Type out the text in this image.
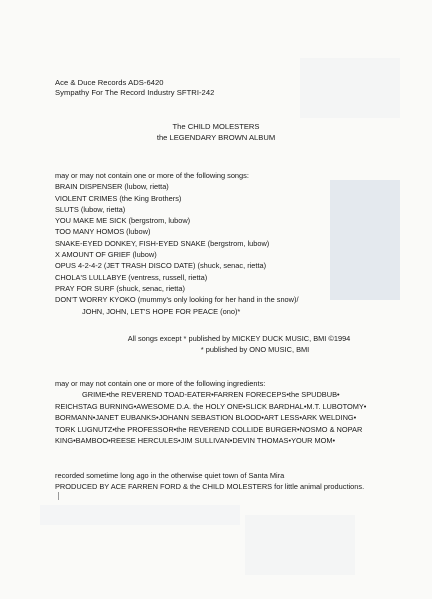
Ace & Duce Records ADS-6420
Sympathy For The Record Industry SFTRI-242
The CHILD MOLESTERS
the LEGENDARY BROWN ALBUM
may or may not contain one or more of the following songs:
BRAIN DISPENSER (lubow, rietta)
VIOLENT CRIMES (the King Brothers)
SLUTS (lubow, rietta)
YOU MAKE ME SICK (bergstrom, lubow)
TOO MANY HOMOS (lubow)
SNAKE-EYED DONKEY, FISH-EYED SNAKE (bergstrom, lubow)
X AMOUNT OF GRIEF (lubow)
OPUS 4-2-4-2 (JET TRASH DISCO DATE) (shuck, senac, rietta)
CHOLA'S LULLABYE (ventress, russell, rietta)
PRAY FOR SURF (shuck, senac, rietta)
DON'T WORRY KYOKO (mummy's only looking for her hand in the snow)/
JOHN, JOHN, LET'S HOPE FOR PEACE (ono)*
All songs except * published by MICKEY DUCK MUSIC, BMI ©1994
* published by ONO MUSIC, BMI
may or may not contain one or more of the following ingredients:
GRIME•the REVEREND TOAD-EATER•FARREN FORECEPS•the SPUDBUB•
REICHSTAG BURNING•AWESOME D.A. the HOLY ONE•SLICK BARDHAL•M.T. LUBOTOMY•
BORMANN•JANET EUBANKS•JOHANN SEBASTION BLOOD•ART LESS•ARK WELDING•
TORK LUGNUTZ•the PROFESSOR•the REVEREND COLLIDE BURGER•NOSMO & NOPAR
KING•BAMBOO•REESE HERCULES•JIM SULLIVAN•DEVIN THOMAS•YOUR MOM•
recorded sometime long ago in the otherwise quiet town of Santa Mira
PRODUCED BY ACE FARREN FORD & the CHILD MOLESTERS for little animal productions.
